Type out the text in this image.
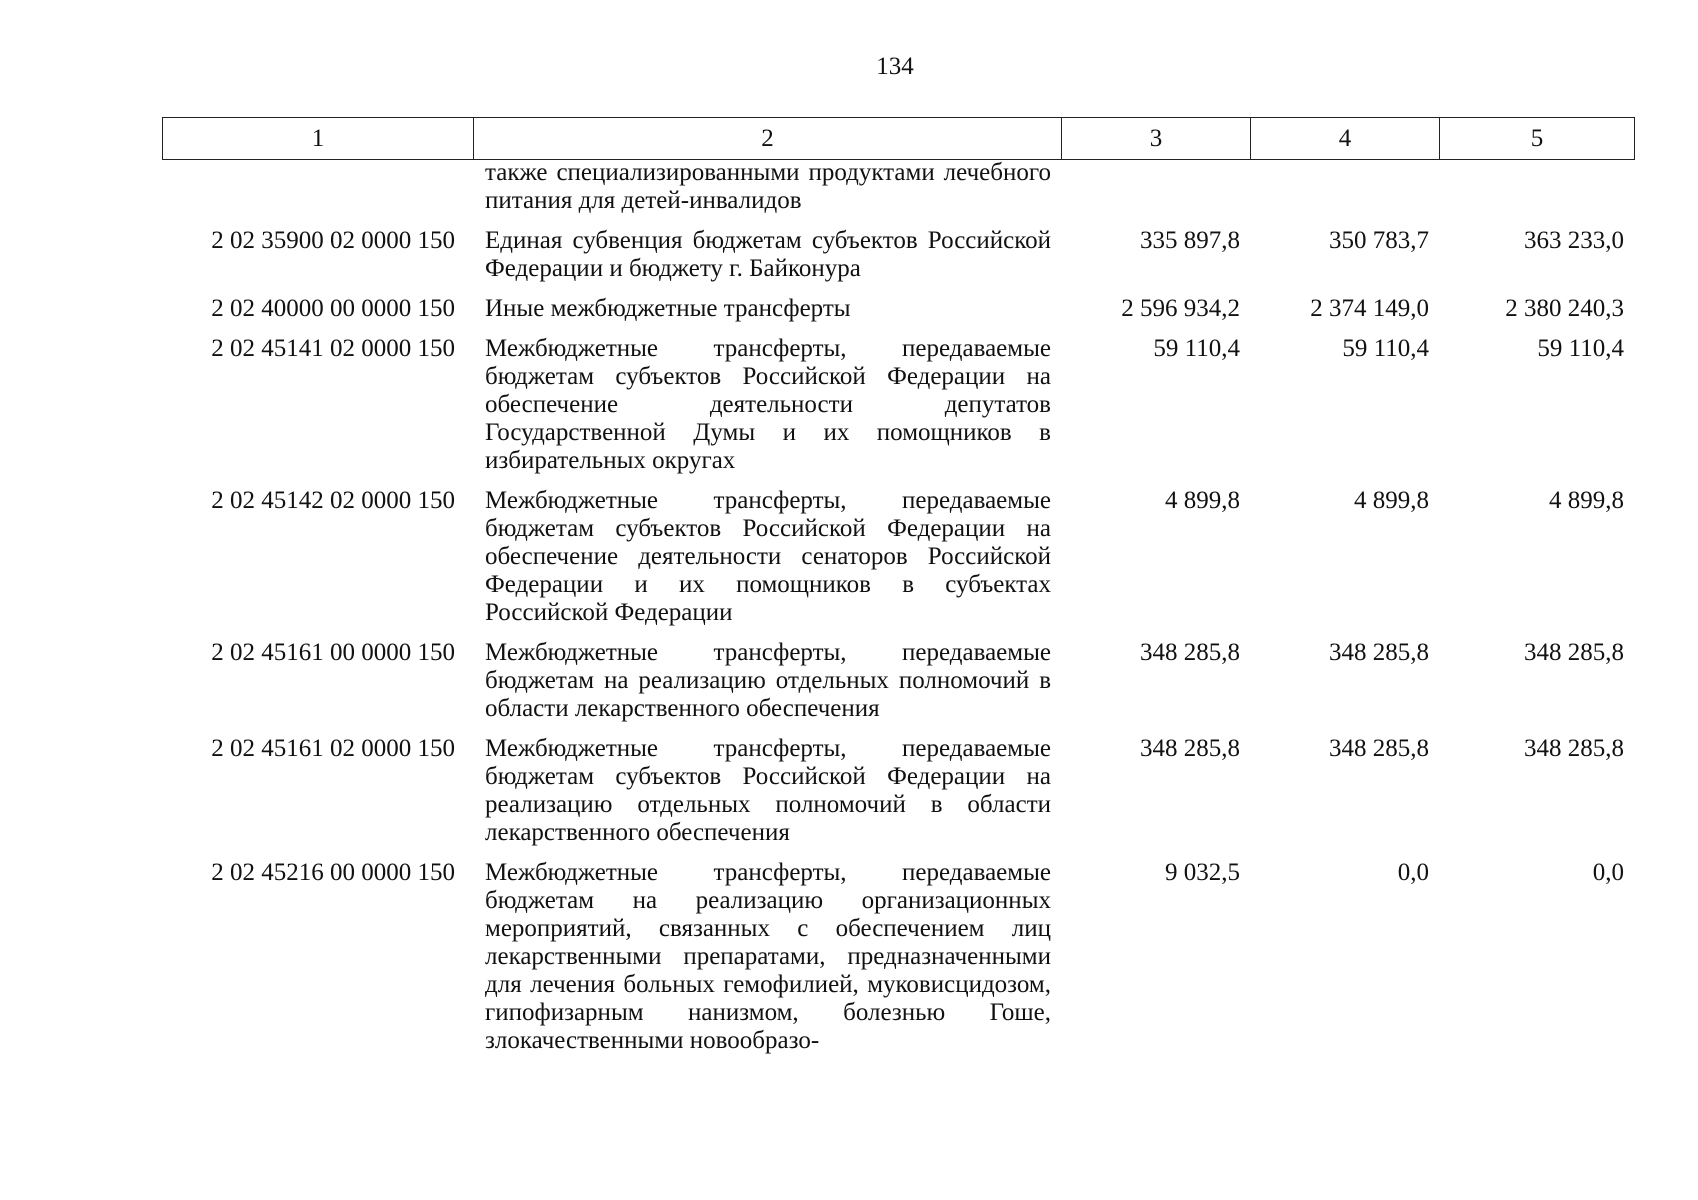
134
1	2	3	4	5
	также специализированными продуктами лечебного питания для детей-инвалидов			
2 02 35900 02 0000 150	Единая субвенция бюджетам субъектов Российской Федерации и бюджету г. Байконура	335 897,8	350 783,7	363 233,0
2 02 40000 00 0000 150	Иные межбюджетные трансферты	2 596 934,2	2 374 149,0	2 380 240,3
2 02 45141 02 0000 150	Межбюджетные трансферты, передаваемые бюджетам субъектов Российской Федерации на обеспечение деятельности депутатов Государственной Думы и их помощников в избирательных округах	59 110,4	59 110,4	59 110,4
2 02 45142 02 0000 150	Межбюджетные трансферты, передаваемые бюджетам субъектов Российской Федерации на обеспечение деятельности сенаторов Российской Федерации и их помощников в субъектах Российской Федерации	4 899,8	4 899,8	4 899,8
2 02 45161 00 0000 150	Межбюджетные трансферты, передаваемые бюджетам на реализацию отдельных полномочий в области лекарственного обеспечения	348 285,8	348 285,8	348 285,8
2 02 45161 02 0000 150	Межбюджетные трансферты, передаваемые бюджетам субъектов Российской Федерации на реализацию отдельных полномочий в области лекарственного обеспечения	348 285,8	348 285,8	348 285,8
2 02 45216 00 0000 150	Межбюджетные трансферты, передаваемые бюджетам на реализацию организационных мероприятий, связанных с обеспечением лиц лекарственными препаратами, предназначенными для лечения больных гемофилией, муковисцидозом, гипофизарным нанизмом, болезнью Гоше, злокачественными новообразо-	9 032,5	0,0	0,0
